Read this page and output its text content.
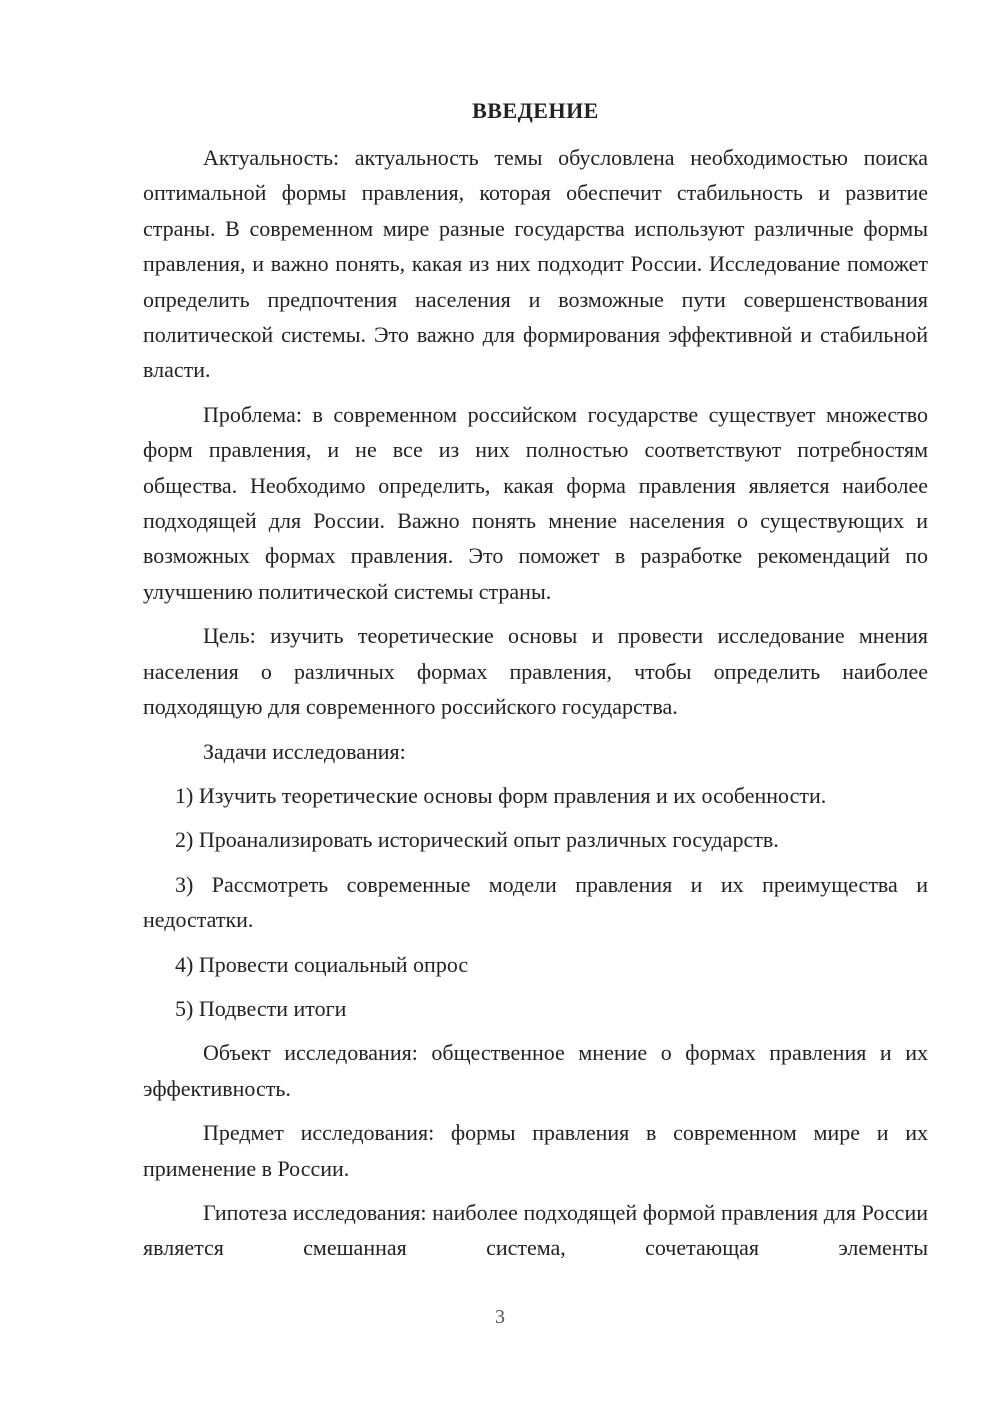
ВВЕДЕНИЕ

Актуальность: актуальность темы обусловлена необходимостью поиска оптимальной формы правления, которая обеспечит стабильность и развитие страны. В современном мире разные государства используют различные формы правления, и важно понять, какая из них подходит России. Исследование поможет определить предпочтения населения и возможные пути совершенствования политической системы. Это важно для формирования эффективной и стабильной власти.

Проблема: в современном российском государстве существует множество форм правления, и не все из них полностью соответствуют потребностям общества. Необходимо определить, какая форма правления является наиболее подходящей для России. Важно понять мнение населения о существующих и возможных формах правления. Это поможет в разработке рекомендаций по улучшению политической системы страны.

Цель: изучить теоретические основы и провести исследование мнения населения о различных формах правления, чтобы определить наиболее подходящую для современного российского государства.

Задачи исследования:

1) Изучить теоретические основы форм правления и их особенности.

2) Проанализировать исторический опыт различных государств.

3) Рассмотреть современные модели правления и их преимущества и недостатки.

4) Провести социальный опрос

5) Подвести итоги

Объект исследования: общественное мнение о формах правления и их эффективность.

Предмет исследования: формы правления в современном мире и их применение в России.

Гипотеза исследования: наиболее подходящей формой правления для России является смешанная система, сочетающая элементы

3
